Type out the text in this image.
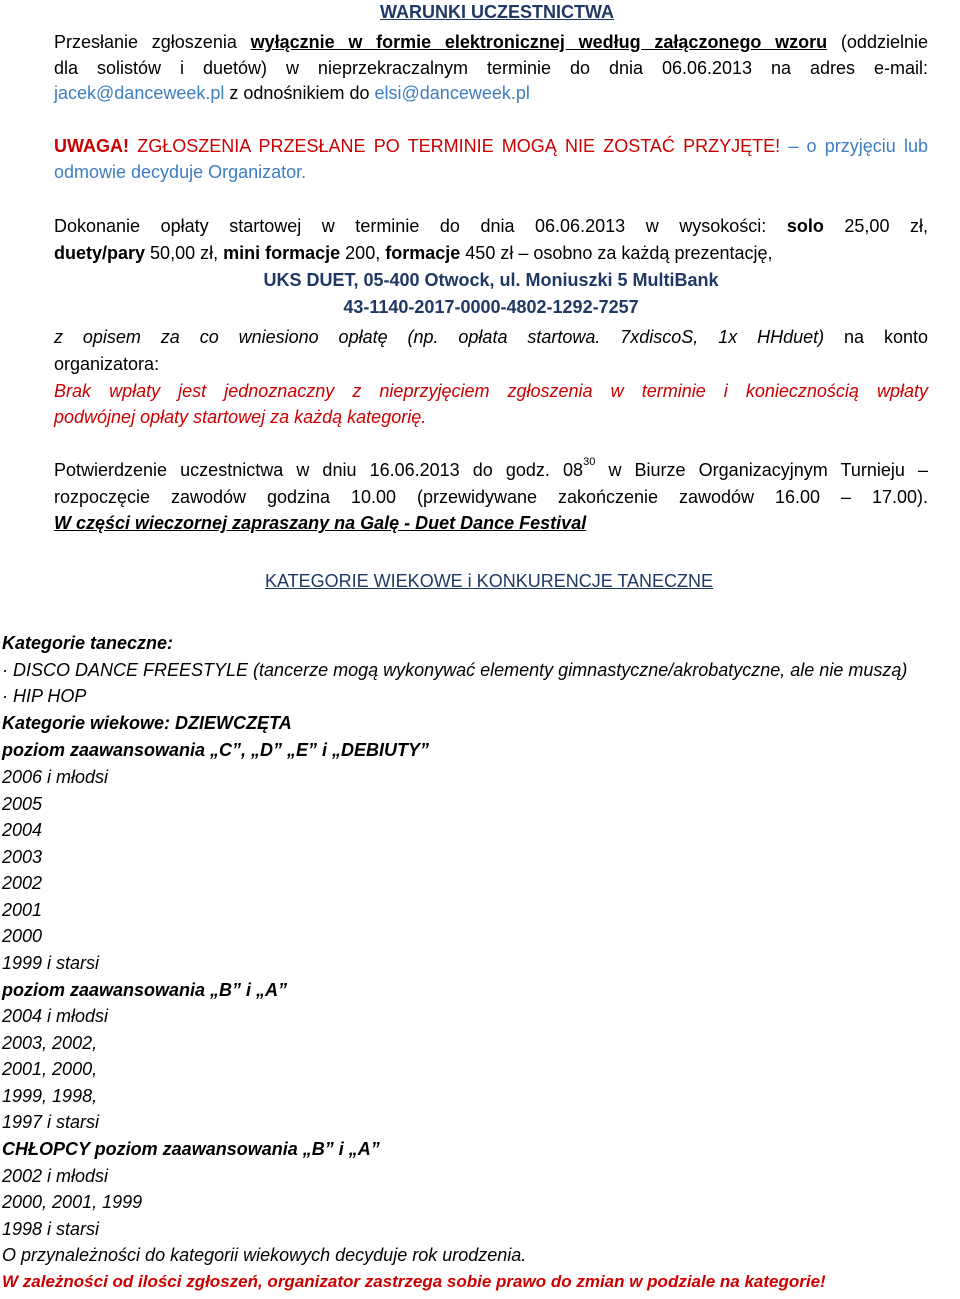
WARUNKI UCZESTNICTWA
Przesłanie zgłoszenia wyłącznie w formie elektronicznej według załączonego wzoru (oddzielnie
dla solistów i duetów) w nieprzekraczalnym terminie do dnia 06.06.2013 na adres e-mail:
jacek@danceweek.pl z odnośnikiem do elsi@danceweek.pl
UWAGA! ZGŁOSZENIA PRZESŁANE PO TERMINIE MOGĄ NIE ZOSTAĆ PRZYJĘTE! – o przyjęciu lub
odmowie decyduje Organizator.
Dokonanie opłaty startowej w terminie do dnia 06.06.2013 w wysokości: solo 25,00 zł,
duety/pary 50,00 zł, mini formacje 200, formacje 450 zł – osobno za każdą prezentację,
UKS DUET, 05-400 Otwock, ul. Moniuszki 5 MultiBank
43-1140-2017-0000-4802-1292-7257
z opisem za co wniesiono opłatę (np. opłata startowa. 7xdiscoS, 1x HHduet) na konto
organizatora:
Brak wpłaty jest jednoznaczny z nieprzyjęciem zgłoszenia w terminie i koniecznością wpłaty
podwójnej opłaty startowej za każdą kategorię.
Potwierdzenie uczestnictwa w dniu 16.06.2013 do godz. $08^{30}$ w Biurze Organizacyjnym Turnieju –
rozpoczęcie zawodów godzina 10.00 (przewidywane zakończenie zawodów 16.00 – 17.00).
W części wieczornej zapraszany na Galę - Duet Dance Festival
KATEGORIE WIEKOWE i KONKURENCJE TANECZNE
Kategorie taneczne:
· DISCO DANCE FREESTYLE (tancerze mogą wykonywać elementy gimnastyczne/akrobatyczne, ale nie muszą)
· HIP HOP
Kategorie wiekowe: DZIEWCZĘTA
poziom zaawansowania „C”, „D” „E” i „DEBIUTY”
2006 i młodsi
2005
2004
2003
2002
2001
2000
1999 i starsi
poziom zaawansowania „B” i „A”
2004 i młodsi
2003, 2002,
2001, 2000,
1999, 1998,
1997 i starsi
CHŁOPCY poziom zaawansowania „B” i „A”
2002 i młodsi
2000, 2001, 1999
1998 i starsi
O przynależności do kategorii wiekowych decyduje rok urodzenia.
W zależności od ilości zgłoszeń, organizator zastrzega sobie prawo do zmian w podziale na kategorie!
